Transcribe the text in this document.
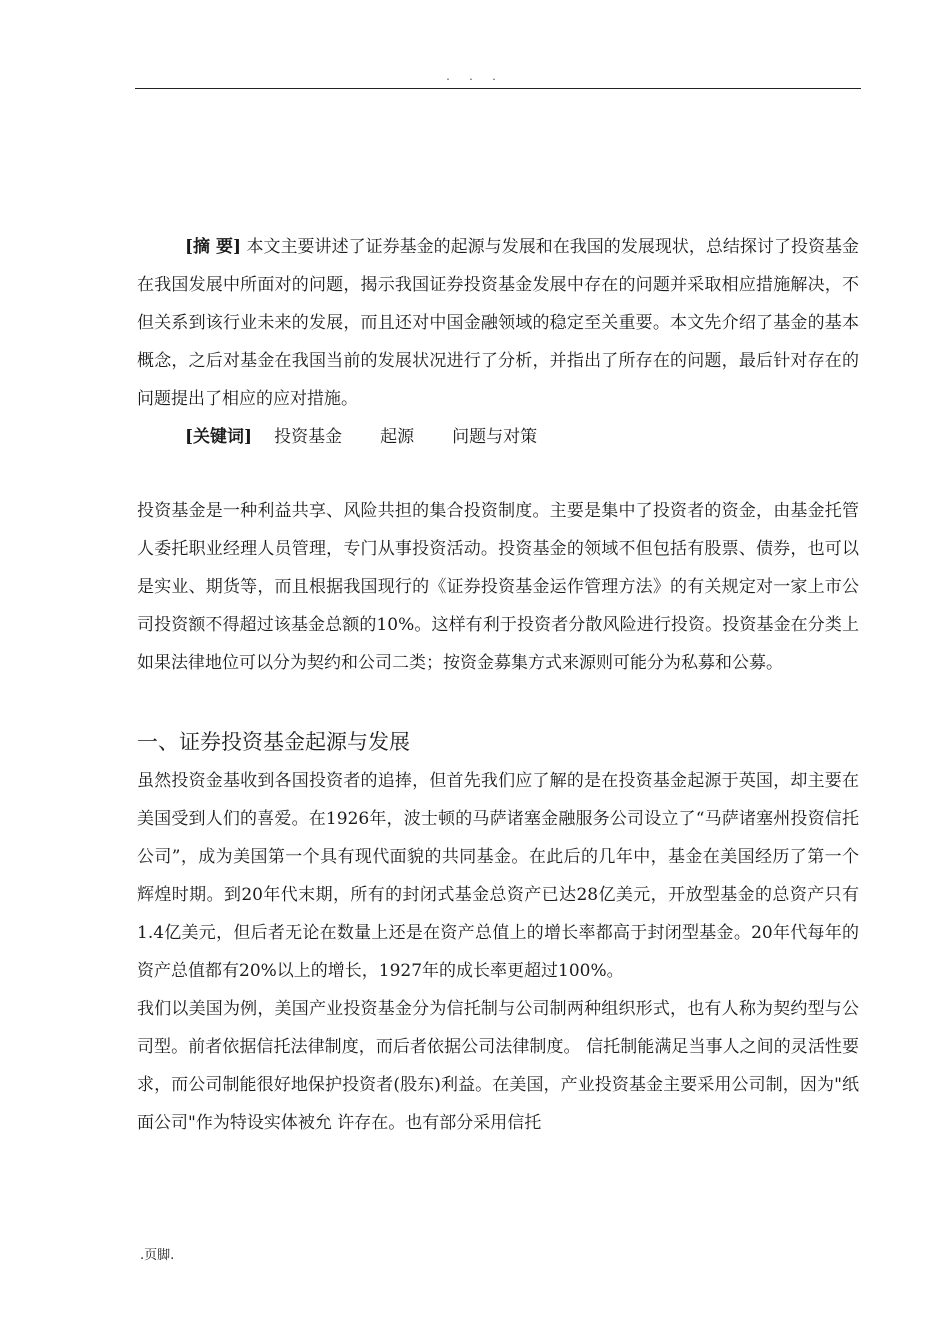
. . .

[摘 要] 本文主要讲述了证券基金的起源与发展和在我国的发展现状，总结探讨了投资基金在我国发展中所面对的问题，揭示我国证券投资基金发展中存在的问题并采取相应措施解决，不但关系到该行业未来的发展，而且还对中国金融领域的稳定至关重要。本文先介绍了基金的基本概念，之后对基金在我国当前的发展状况进行了分析，并指出了所存在的问题，最后针对存在的问题提出了相应的应对措施。

[关键词] 投资基金 起源 问题与对策

投资基金是一种利益共享、风险共担的集合投资制度。主要是集中了投资者的资金，由基金托管人委托职业经理人员管理，专门从事投资活动。投资基金的领域不但包括有股票、债券，也可以是实业、期货等，而且根据我国现行的《证券投资基金运作管理方法》的有关规定对一家上市公司投资额不得超过该基金总额的10%。这样有利于投资者分散风险进行投资。投资基金在分类上如果法律地位可以分为契约和公司二类；按资金募集方式来源则可能分为私募和公募。

一、证券投资基金起源与发展

虽然投资金基收到各国投资者的追捧，但首先我们应了解的是在投资基金起源于英国，却主要在美国受到人们的喜爱。在1926年，波士顿的马萨诸塞金融服务公司设立了“马萨诸塞州投资信托公司”，成为美国第一个具有现代面貌的共同基金。在此后的几年中，基金在美国经历了第一个辉煌时期。到20年代末期，所有的封闭式基金总资产已达28亿美元，开放型基金的总资产只有1.4亿美元，但后者无论在数量上还是在资产总值上的增长率都高于封闭型基金。20年代每年的资产总值都有20%以上的增长，1927年的成长率更超过100%。

我们以美国为例，美国产业投资基金分为信托制与公司制两种组织形式，也有人称为契约型与公司型。前者依据信托法律制度，而后者依据公司法律制度。 信托制能满足当事人之间的灵活性要求，而公司制能很好地保护投资者(股东)利益。在美国，产业投资基金主要采用公司制，因为"纸面公司"作为特设实体被允 许存在。也有部分采用信托

.页脚.
